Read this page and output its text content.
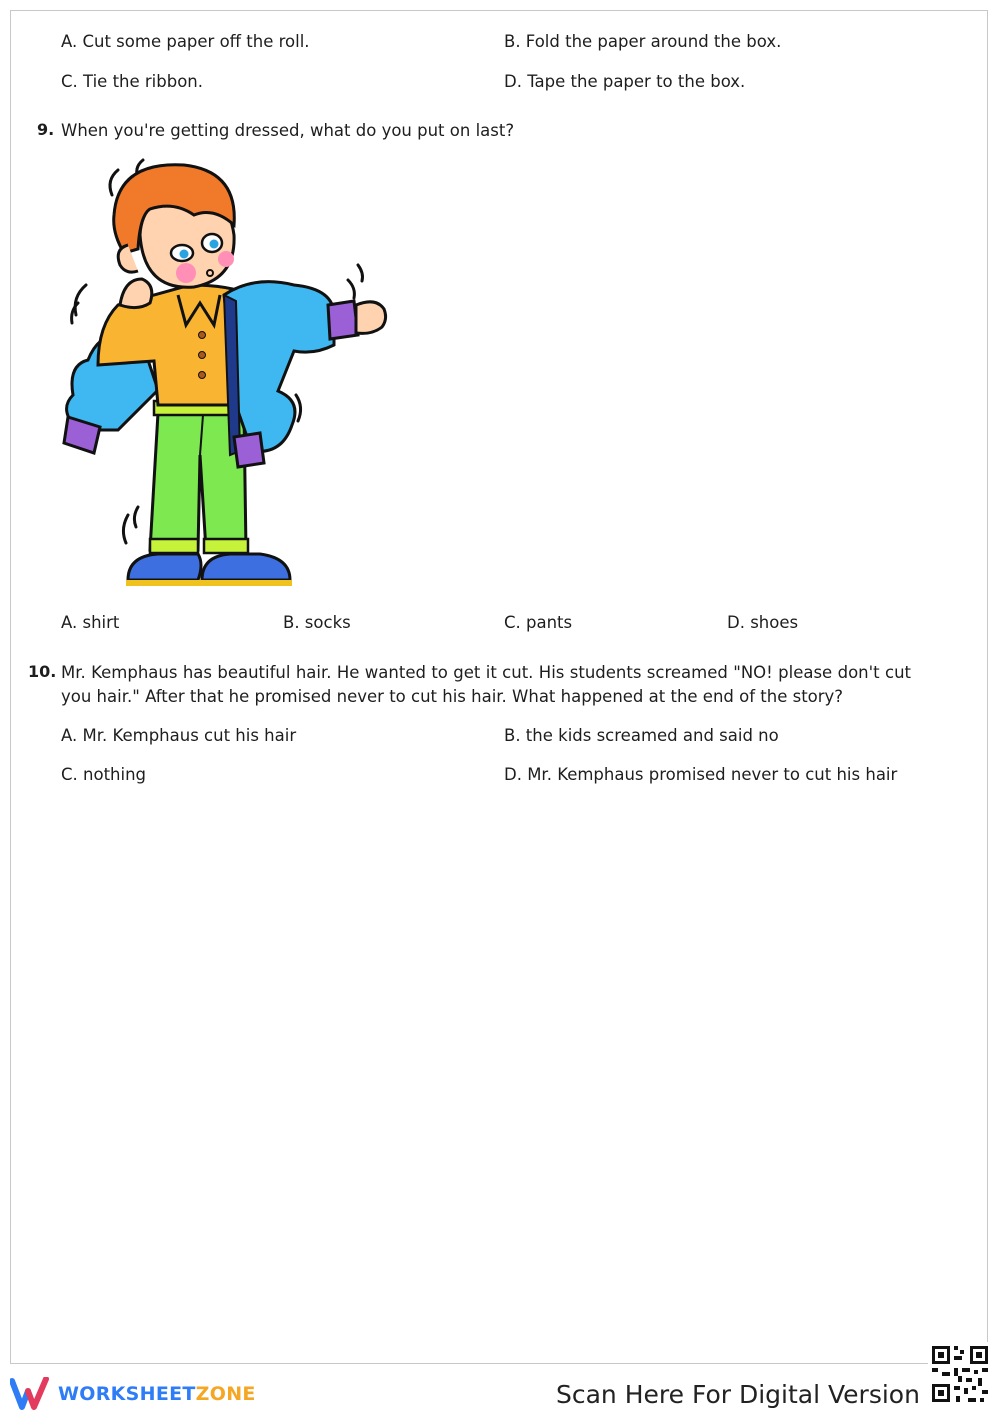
A. Cut some paper off the roll.	B. Fold the paper around the box.
C. Tie the ribbon.	D. Tape the paper to the box.
9. When you're getting dressed, what do you put on last?
A. shirt	B. socks	C. pants	D. shoes
10. Mr. Kemphaus has beautiful hair. He wanted to get it cut. His students screamed "NO! please don't cut you hair." After that he promised never to cut his hair. What happened at the end of the story?
A. Mr. Kemphaus cut his hair	B. the kids screamed and said no
C. nothing	D. Mr. Kemphaus promised never to cut his hair
WORKSHEETZONE	Scan Here For Digital Version
